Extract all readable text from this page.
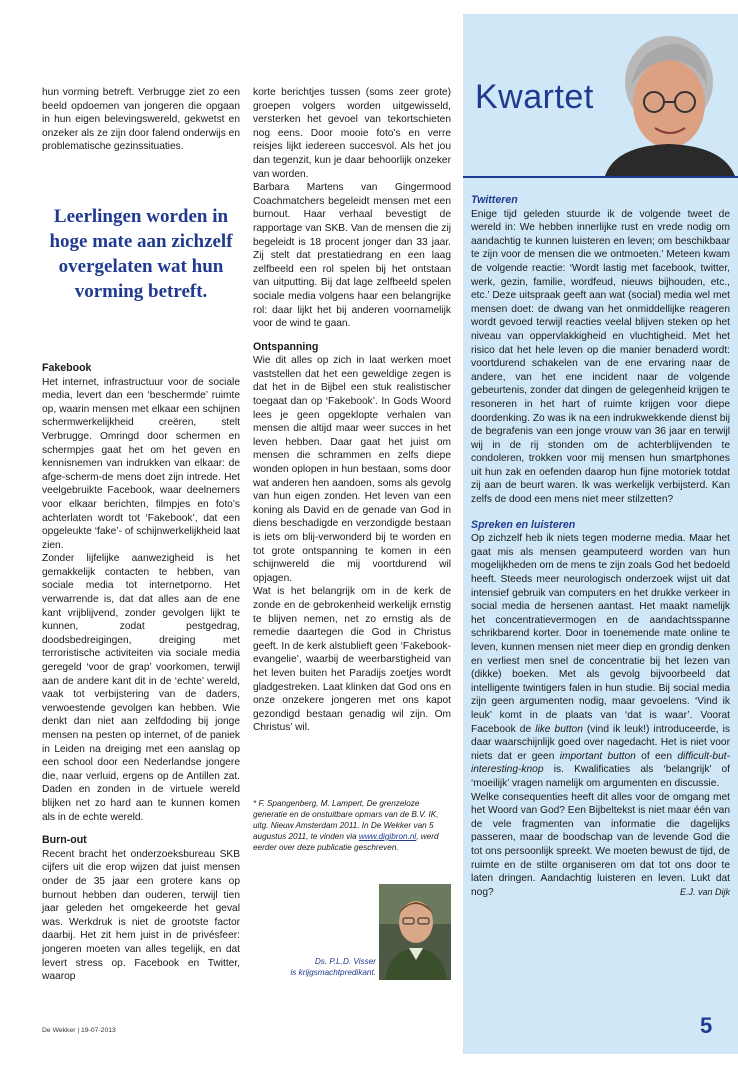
hun vorming betreft. Verbrugge ziet zo een beeld opdoemen van jongeren die opgaan in hun eigen belevingswereld, gekwetst en onzeker als ze zijn door falend onderwijs en problematische gezinssituaties.

Leerlingen worden in hoge mate aan zichzelf overgelaten wat hun vorming betreft.
Fakebook

Het internet, infrastructuur voor de sociale media, levert dan een ‘beschermde’ ruimte op, waarin mensen met elkaar een schijnen schermwerkelijkheid creëren, stelt Verbrugge. Omringd door schermen en schermpjes gaat het om het geven en kennisnemen van indrukken van elkaar: de afge-scherm-de mens doet zijn intrede. Het veelgebruikte Facebook, waar deelnemers voor elkaar berichten, filmpjes en foto’s achterlaten wordt tot ‘Fakebook’, dat een opgeleukte ‘fake’- of schijnwerkelijkheid laat zien.

Zonder lijfelijke aanwezigheid is het gemakkelijk contacten te hebben, van sociale media tot internetporno. Het verwarrende is, dat dat alles aan de ene kant vrijblijvend, zonder gevolgen lijkt te kunnen, zodat pestgedrag, doodsbedreigingen, dreiging met terroristische activiteiten via sociale media geregeld ‘voor de grap’ voorkomen, terwijl aan de andere kant dit in de ‘echte’ wereld, vaak tot verbijstering van de daders, verwoestende gevolgen kan hebben. Wie denkt dan niet aan zelfdoding bij jonge mensen na pesten op internet, of de paniek in Leiden na dreiging met een aanslag op een school door een Nederlandse jongere die, naar verluid, ergens op de Antillen zat. Daden en zonden in de virtuele wereld blijken net zo hard aan te kunnen komen als in de echte wereld.

Burn-out

Recent bracht het onderzoeksbureau SKB cijfers uit die erop wijzen dat juist mensen onder de 35 jaar een grotere kans op burnout hebben dan ouderen, terwijl tien jaar geleden het omgekeerde het geval was. Werkdruk is niet de grootste factor daarbij. Het zit hem juist in de privésfeer: jongeren moeten van alles tegelijk, en dat levert stress op. Facebook en Twitter, waarop

korte berichtjes tussen (soms zeer grote) groepen volgers worden uitgewisseld, versterken het gevoel van tekortschieten nog eens. Door mooie foto’s en verre reisjes lijkt iedereen succesvol. Als het jou dan tegenzit, kun je daar behoorlijk onzeker van worden.

Barbara Martens van Gingermood Coachmatchers begeleidt mensen met een burnout. Haar verhaal bevestigt de rapportage van SKB. Van de mensen die zij begeleidt is 18 procent jonger dan 33 jaar. Zij stelt dat prestatiedrang en een laag zelfbeeld een rol spelen bij het ontstaan van uitputting. Bij dat lage zelfbeeld spelen sociale media volgens haar een belangrijke rol: daar lijkt het bij anderen voornamelijk voor de wind te gaan.

Ontspanning

Wie dit alles op zich in laat werken moet vaststellen dat het een geweldige zegen is dat het in de Bijbel een stuk realistischer toegaat dan op ‘Fakebook’. In Gods Woord lees je geen opgeklopte verhalen van mensen die altijd maar weer succes in het leven hebben. Daar gaat het juist om mensen die schrammen en zelfs diepe wonden oplopen in hun bestaan, soms door wat anderen hen aandoen, soms als gevolg van hun eigen zonden. Het leven van een koning als David en de genade van God in diens beschadigde en verzondigde bestaan is iets om blij-verwonderd bij te worden en tot grote ontspanning te komen in een schijnwereld die mij voortdurend wil opjagen.

Wat is het belangrijk om in de kerk de zonde en de gebrokenheid werkelijk ernstig te blijven nemen, net zo ernstig als de remedie daartegen die God in Christus geeft. In de kerk alstublieft geen ‘Fakebook-evangelie’, waarbij de weerbarstigheid van het leven buiten het Paradijs zoetjes wordt gladgestreken. Laat klinken dat God ons en onze onzekere jongeren met ons kapot gezondigd bestaan genadig wil zijn. Om Christus’ wil.

* F. Spangenberg, M. Lampert, De grenzeloze generatie en de onstuitbare opmars van de B.V. IK, uitg. Nieuw Amsterdam 2011. In De Wekker van 5 augustus 2011, te vinden via www.digibron.nl, werd eerder over deze publicatie geschreven.
Ds. P.L.D. Visser
is krijgsmachtpredikant.
Kwartet
Twitteren

Enige tijd geleden stuurde ik de volgende tweet de wereld in: We hebben innerlijke rust en vrede nodig om aandachtig te kunnen luisteren en leven; om beschikbaar te zijn voor de mensen die we ontmoeten.’ Meteen kwam de volgende reactie: ‘Wordt lastig met facebook, twitter, werk, gezin, familie, wordfeud, nieuws bijhouden, etc., etc.’ Deze uitspraak geeft aan wat (social) media wel met mensen doet: de dwang van het onmiddellijke reageren wordt gevoed terwijl reacties veelal blijven steken op het niveau van oppervlakkigheid en vluchtigheid. Met het risico dat het hele leven op die manier benaderd wordt: voortdurend schakelen van de ene ervaring naar de andere, van het ene incident naar de volgende gebeurtenis, zonder dat dingen de gelegenheid krijgen te resoneren in het hart of ruimte krijgen voor diepe doordenking. Zo was ik na een indrukwekkende dienst bij de begrafenis van een jonge vrouw van 36 jaar en terwijl wij in de rij stonden om de achterblijvenden te condoleren, trokken voor mij mensen hun smartphones uit hun zak en oefenden daarop hun fijne motoriek totdat zij aan de beurt waren. Ik was werkelijk verbijsterd. Kan zelfs de dood een mens niet meer stilzetten?

Spreken en luisteren

Op zichzelf heb ik niets tegen moderne media. Maar het gaat mis als mensen geamputeerd worden van hun mogelijkheden om de mens te zijn zoals God het bedoeld heeft. Steeds meer neurologisch onderzoek wijst uit dat intensief gebruik van computers en het drukke verkeer in social media de hersenen aantast. Het maakt namelijk het concentratievermogen en de aandachtsspanne schrikbarend korter. Door in toenemende mate online te leven, kunnen mensen niet meer diep en grondig denken en verliest men snel de concentratie bij het lezen van (dikke) boeken. Met als gevolg bijvoorbeeld dat intelligente twintigers falen in hun studie. Bij social media zijn geen argumenten nodig, maar gevoelens. ‘Vind ik leuk’ komt in de plaats van ‘dat is waar’. Voorat Facebook de like button (vind ik leuk!) introduceerde, is daar waarschijnlijk goed over nagedacht. Het is niet voor niets dat er geen important button of een difficult-but-interesting-knop is. Kwalificaties als ‘belangrijk’ of ‘moeilijk’ vragen namelijk om argumenten en discussie.

Welke consequenties heeft dit alles voor de omgang met het Woord van God? Een Bijbeltekst is niet maar één van de vele fragmenten van informatie die dagelijks passeren, maar de boodschap van de levende God die tot ons persoonlijk spreekt. We moeten bewust de tijd, de ruimte en de stilte organiseren om dat tot ons door te laten dringen. Aandachtig luisteren en leven. Lukt dat nog?	E.J. van Dijk

De Wekker | 19-07-2013	5
